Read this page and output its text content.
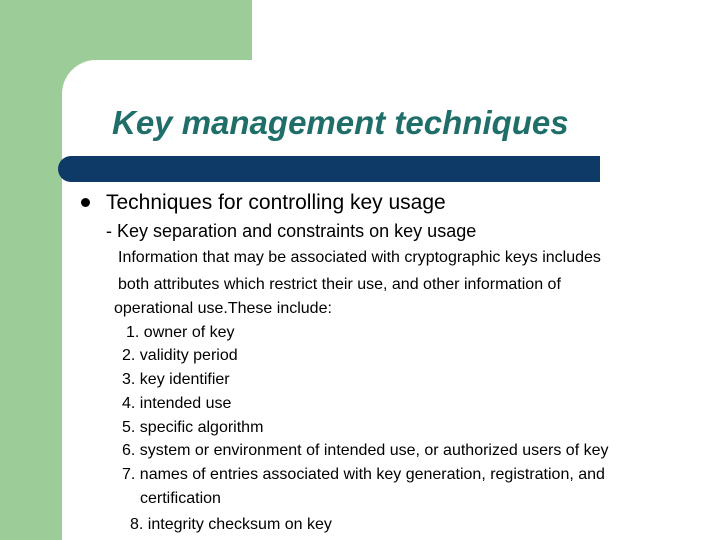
Key management techniques
Techniques for controlling key usage
- Key separation and constraints on key usage
Information that may be associated with cryptographic keys includes
both attributes which restrict their use, and other information of
operational use.These include:
1. owner of key
2. validity period
3. key identifier
4. intended use
5. specific algorithm
6. system or environment of intended use, or authorized users of key
7. names of entries associated with key generation, registration, and
certification
8. integrity checksum on key
